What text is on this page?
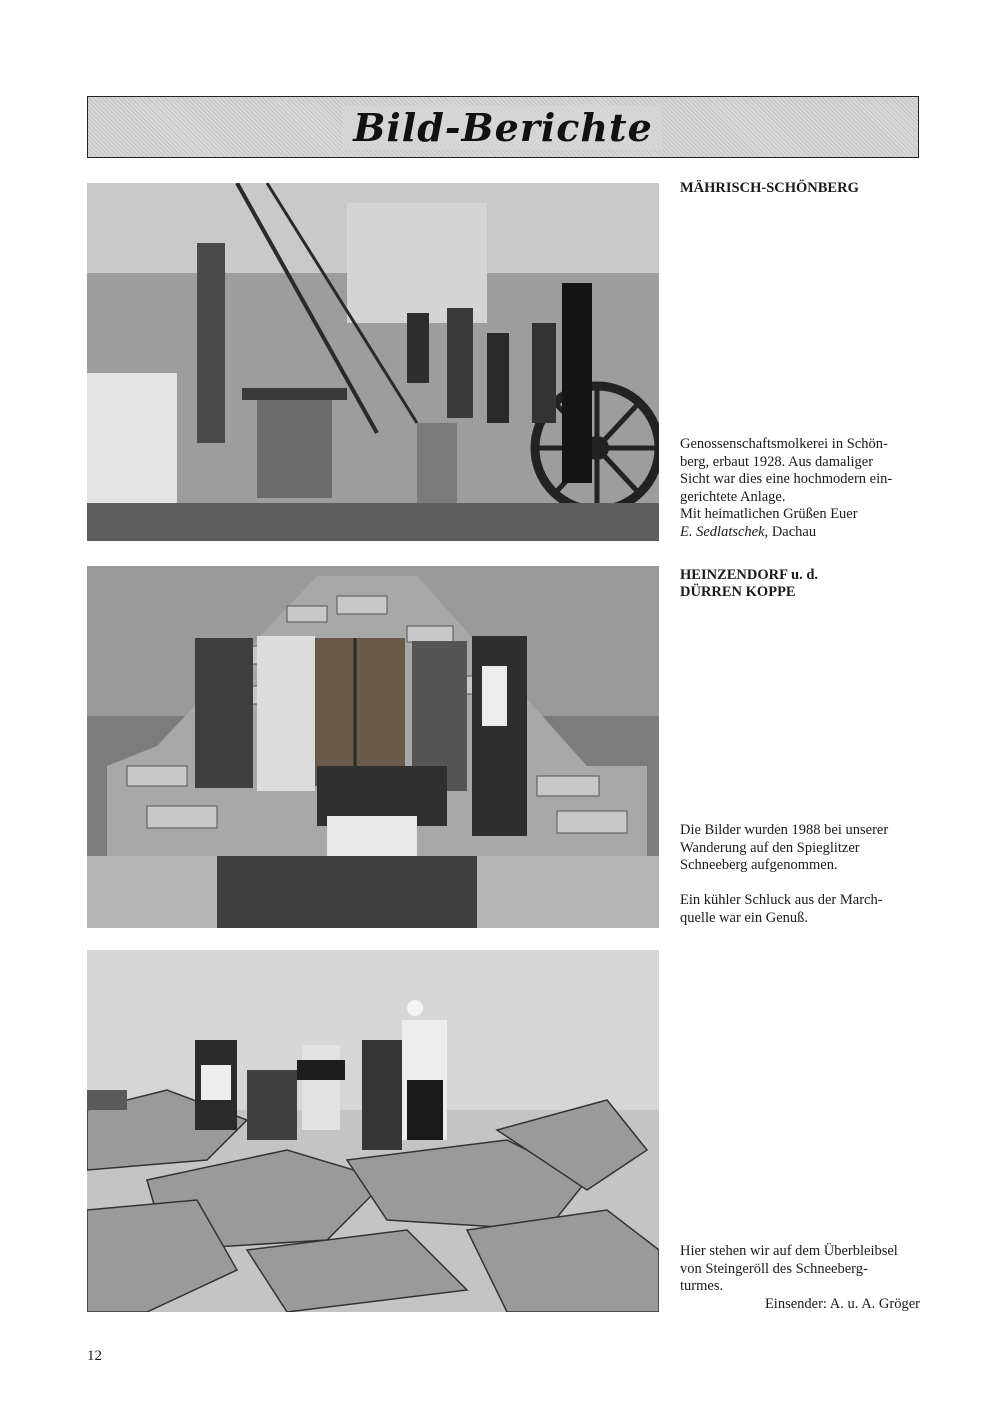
Bild-Berichte

MÄHRISCH-SCHÖNBERG

Genossenschaftsmolkerei in Schön-

berg, erbaut 1928. Aus damaliger

Sicht war dies eine hochmodern ein-

gerichtete Anlage.

Mit heimatlichen Grüßen Euer

E. Sedlatschek, Dachau

HEINZENDORF u. d.

DÜRREN KOPPE

Die Bilder wurden 1988 bei unserer

Wanderung auf den Spieglitzer

Schneeberg aufgenommen.

Ein kühler Schluck aus der March-

quelle war ein Genuß.

Hier stehen wir auf dem Überbleibsel

von Steingeröll des Schneeberg-

turmes.

Einsender: A. u. A. Gröger

12
